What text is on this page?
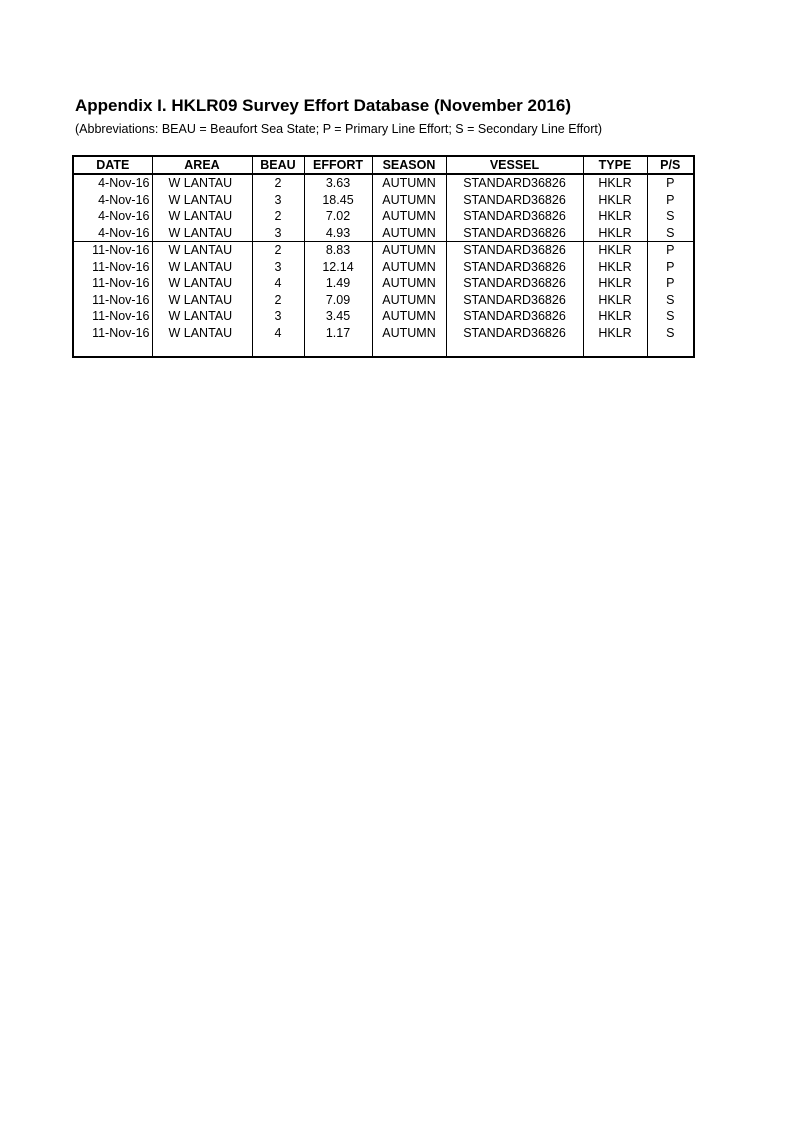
Appendix I. HKLR09 Survey Effort Database (November 2016)

(Abbreviations: BEAU = Beaufort Sea State; P = Primary Line Effort; S = Secondary Line Effort)

DATE	AREA	BEAU	EFFORT	SEASON	VESSEL	TYPE	P/S
4-Nov-16	W LANTAU	2	3.63	AUTUMN	STANDARD36826	HKLR	P
4-Nov-16	W LANTAU	3	18.45	AUTUMN	STANDARD36826	HKLR	P
4-Nov-16	W LANTAU	2	7.02	AUTUMN	STANDARD36826	HKLR	S
4-Nov-16	W LANTAU	3	4.93	AUTUMN	STANDARD36826	HKLR	S
11-Nov-16	W LANTAU	2	8.83	AUTUMN	STANDARD36826	HKLR	P
11-Nov-16	W LANTAU	3	12.14	AUTUMN	STANDARD36826	HKLR	P
11-Nov-16	W LANTAU	4	1.49	AUTUMN	STANDARD36826	HKLR	P
11-Nov-16	W LANTAU	2	7.09	AUTUMN	STANDARD36826	HKLR	S
11-Nov-16	W LANTAU	3	3.45	AUTUMN	STANDARD36826	HKLR	S
11-Nov-16	W LANTAU	4	1.17	AUTUMN	STANDARD36826	HKLR	S
